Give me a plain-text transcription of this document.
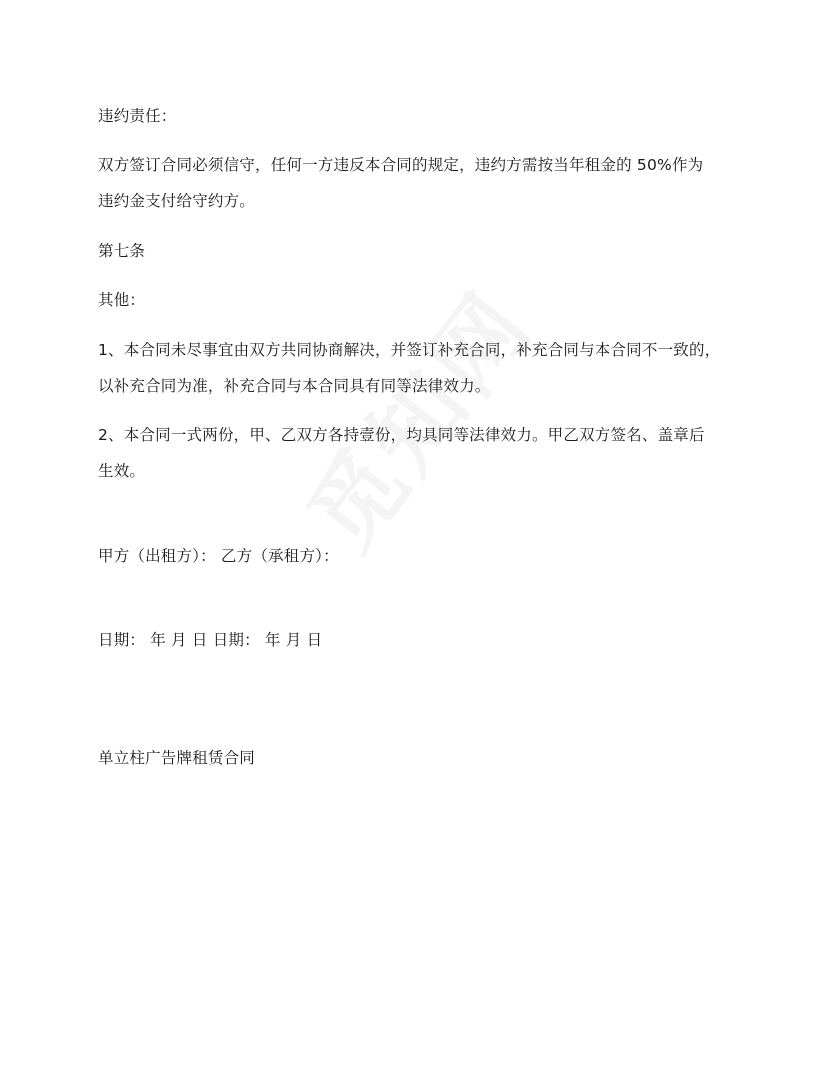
违约责任：
双方签订合同必须信守，任何一方违反本合同的规定，违约方需按当年租金的 50%作为
违约金支付给守约方。
第七条
其他：
1、本合同未尽事宜由双方共同协商解决，并签订补充合同，补充合同与本合同不一致的，
以补充合同为准，补充合同与本合同具有同等法律效力。
2、本合同一式两份，甲、乙双方各持壹份，均具同等法律效力。甲乙双方签名、盖章后
生效。
甲方（出租方）： 乙方（承租方）：
日期： 年 月 日 日期： 年 月 日
单立柱广告牌租赁合同
